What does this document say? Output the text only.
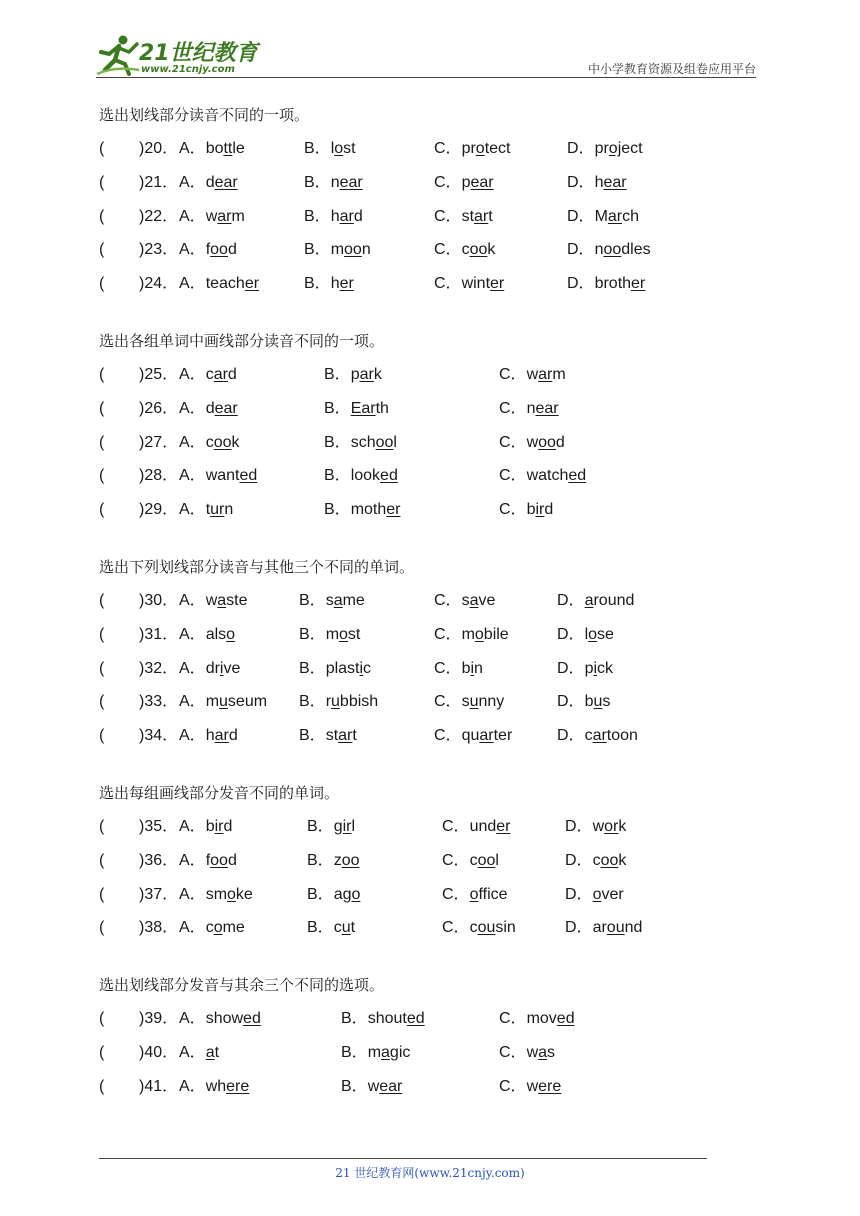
21世纪教育
www.21cnjy.com	中小学教育资源及组卷应用平台
选出划线部分读音不同的一项。
( )20． A．bottle	B．lost	C．protect	D．project
( )21． A．dear	B．near	C．pear	D．hear
( )22． A．warm	B．hard	C．start	D．March
( )23． A．food	B．moon	C．cook	D．noodles
( )24． A．teacher	B．her	C．winter	D．brother
选出各组单词中画线部分读音不同的一项。
( )25． A．card	B．park	C．warm
( )26． A．dear	B．Earth	C．near
( )27． A．cook	B．school	C．wood
( )28． A．wanted	B．looked	C．watched
( )29． A．turn	B．mother	C．bird
选出下列划线部分读音与其他三个不同的单词。
( )30． A．waste	B．same	C．save	D．around
( )31． A．also	B．most	C．mobile	D．lose
( )32． A．drive	B．plastic	C．bin	D．pick
( )33． A．museum B．rubbish	C．sunny	D．bus
( )34． A．hard	B．start	C．quarter	D．cartoon
选出每组画线部分发音不同的单词。
( )35． A．bird	B．girl	C．under	D．work
( )36． A．food	B．zoo	C．cool	D．cook
( )37． A．smoke	B．ago	C．office	D．over
( )38． A．come	B．cut	C．cousin	D．around
选出划线部分发音与其余三个不同的选项。
( )39． A．showed	B．shouted	C．moved
( )40． A．at	B．magic	C．was
( )41． A．where	B．wear	C．were
21 世纪教育网(www.21cnjy.com)
